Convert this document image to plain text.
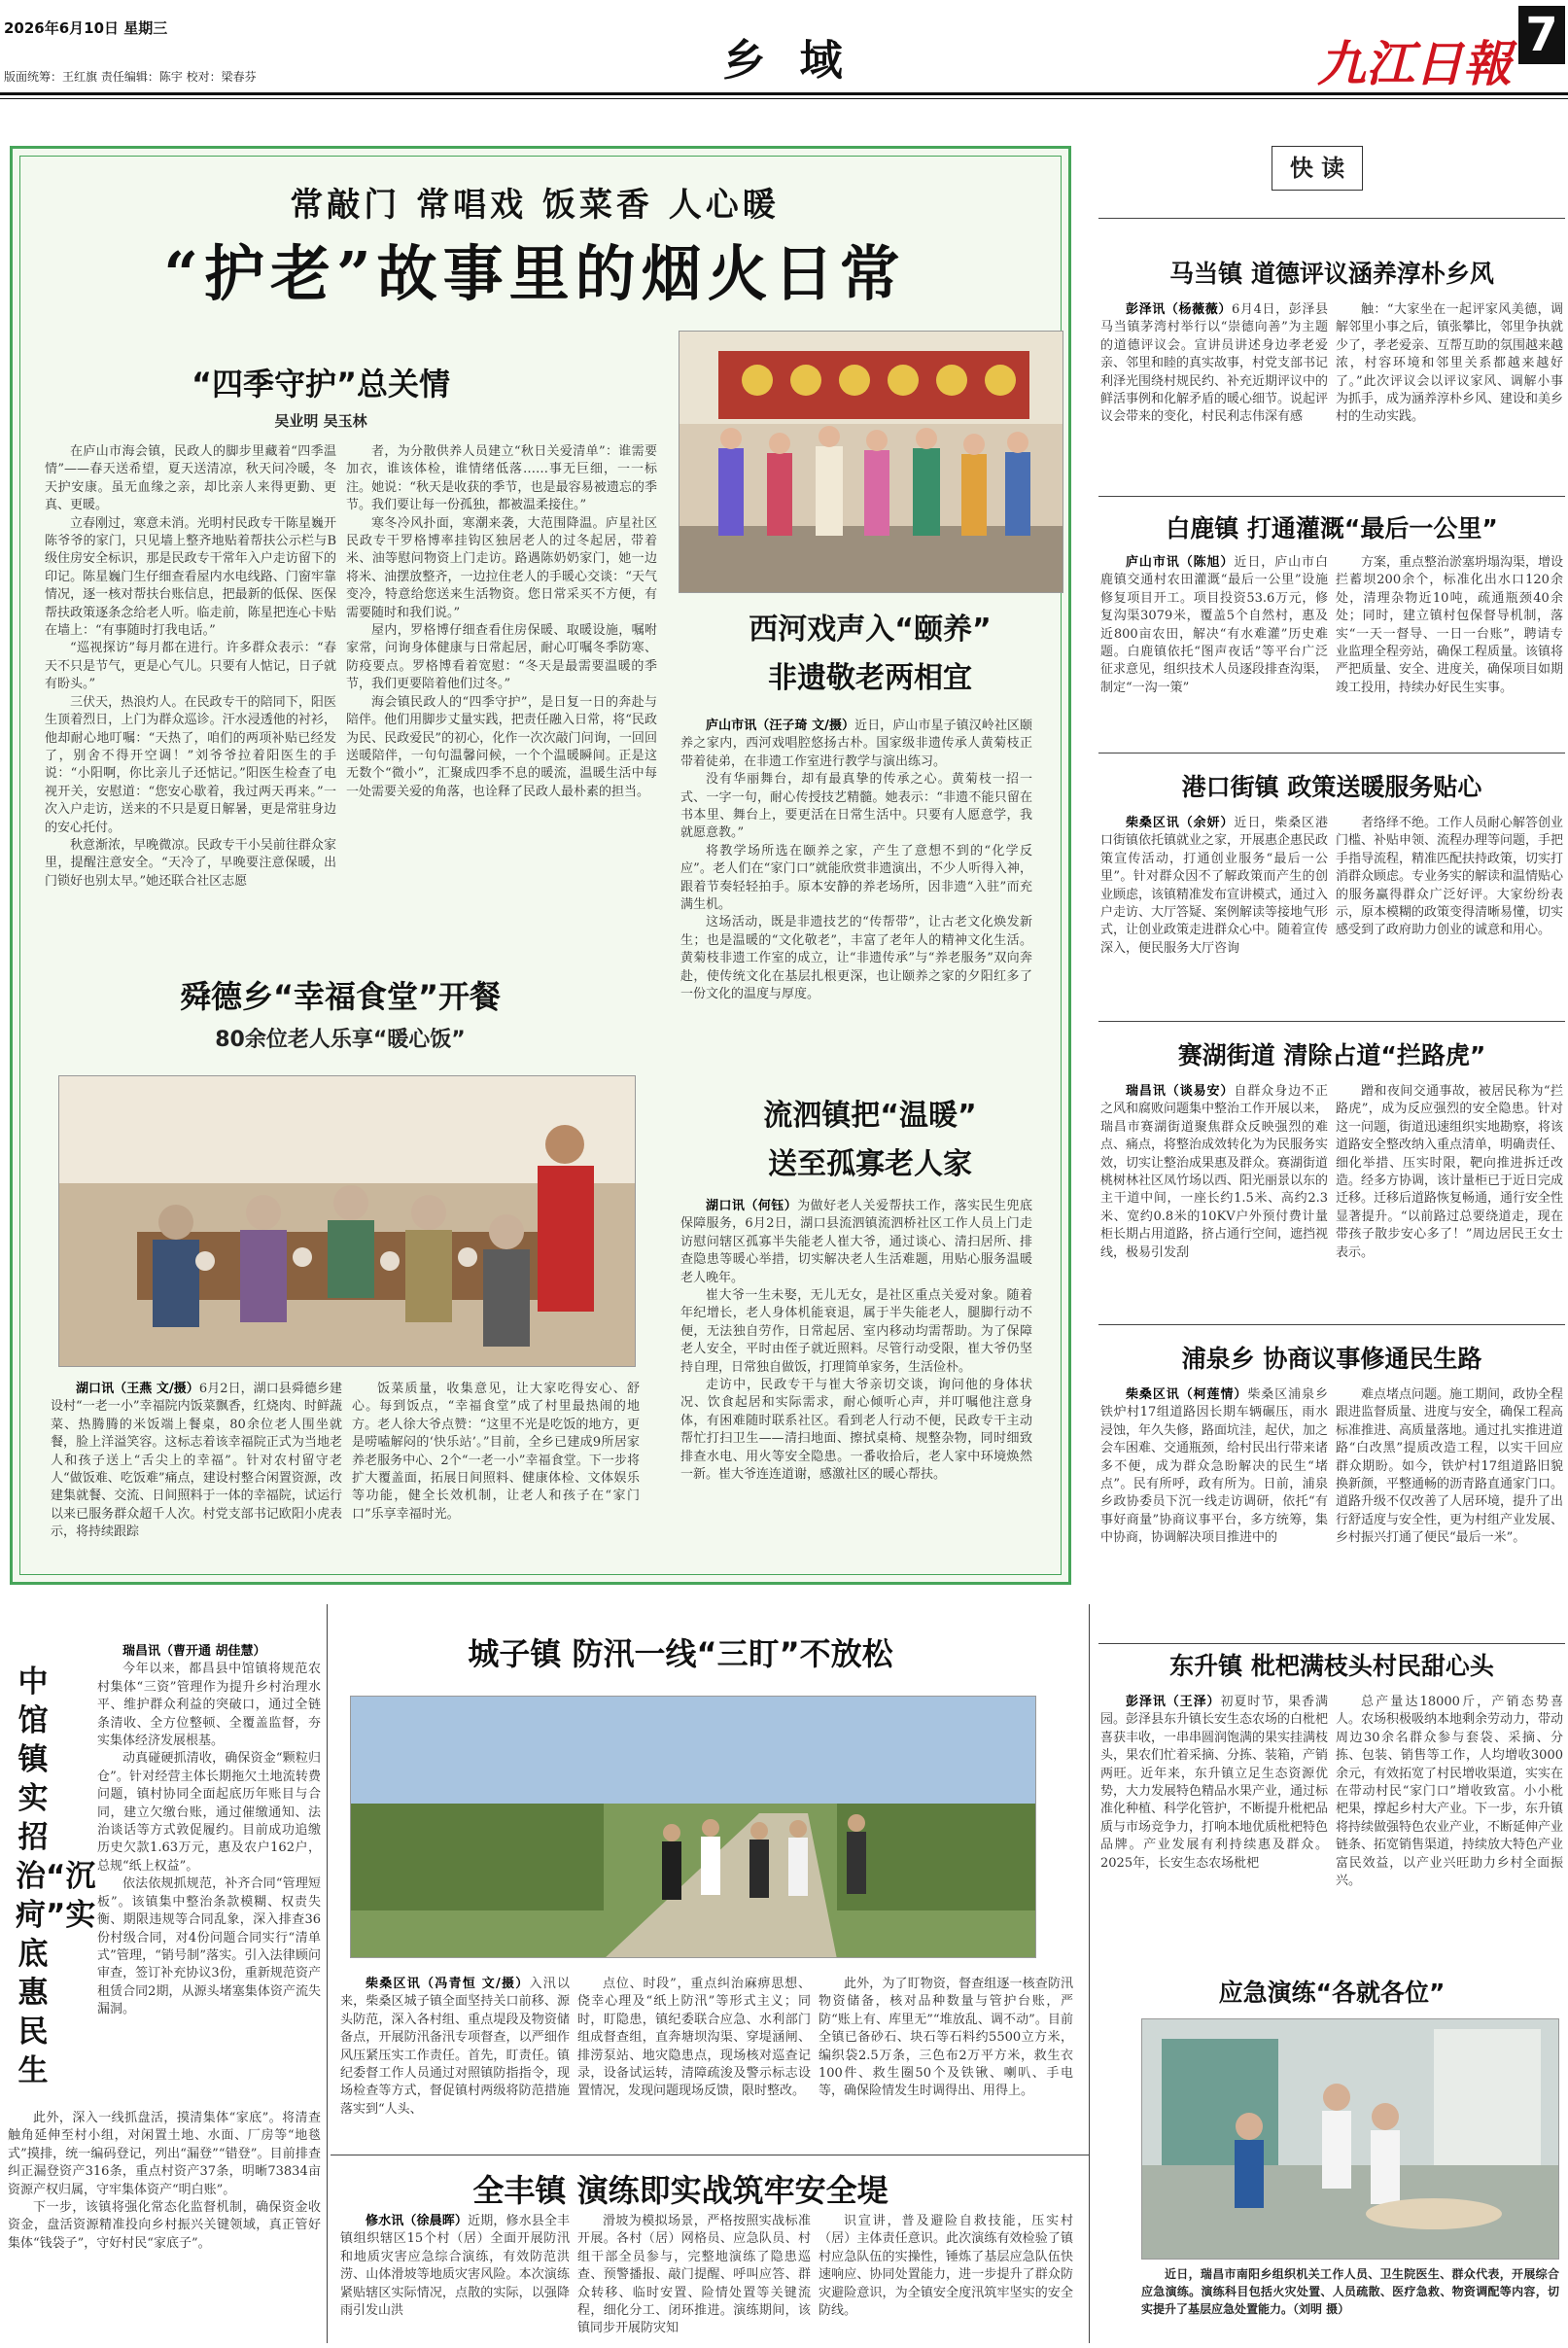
2026年6月10日 星期三
版面统筹：王红旗 责任编辑：陈宇 校对：梁春芬	乡 域	九江日報 7
常敲门 常唱戏 饭菜香 人心暖
“护老”故事里的烟火日常
“四季守护”总关情
吴业明 吴玉林

在庐山市海会镇，民政人的脚步里藏着“四季温情”——春天送希望，夏天送清凉，秋天问冷暖，冬天护安康。虽无血缘之亲，却比亲人来得更勤、更真、更暖。

立春刚过，寒意未消。光明村民政专干陈星巍开陈爷爷的家门，只见墙上整齐地贴着帮扶公示栏与B级住房安全标识，那是民政专干常年入户走访留下的印记。陈星巍门生仔细查看屋内水电线路、门窗牢靠情况，逐一核对帮扶台账信息，把最新的低保、医保帮扶政策逐条念给老人听。临走前，陈星把连心卡贴在墙上：“有事随时打我电话。”

“巡视探访”每月都在进行。许多群众表示：“春天不只是节气，更是心气儿。只要有人惦记，日子就有盼头。”

三伏天，热浪灼人。在民政专干的陪同下，阳医生顶着烈日，上门为群众巡诊。汗水浸透他的衬衫，他却耐心地叮嘱：“天热了，咱们的两项补贴已经发了，别舍不得开空调！”刘爷爷拉着阳医生的手说：“小阳啊，你比亲儿子还惦记。”阳医生检查了电视开关，安慰道：“您安心歇着，我过两天再来。”一次入户走访，送来的不只是夏日解暑，更是常驻身边的安心托付。

秋意渐浓，早晚微凉。民政专干小吴前往群众家里，提醒注意安全。“天冷了，早晚要注意保暖，出门锁好也别太早。”她还联合社区志愿

者，为分散供养人员建立“秋日关爱清单”：谁需要加衣，谁该体检，谁情绪低落……事无巨细，一一标注。她说：“秋天是收获的季节，也是最容易被遗忘的季节。我们要让每一份孤独，都被温柔接住。”

寒冬冷风扑面，寒潮来袭，大范围降温。庐星社区民政专干罗格博率挂钩区独居老人的过冬起居，带着米、油等慰问物资上门走访。路遇陈奶奶家门，她一边将米、油摆放整齐，一边拉住老人的手暖心交谈：“天气变冷，特意给您送来生活物资。您日常采买不方便，有需要随时和我们说。”

屋内，罗格博仔细查看住房保暖、取暖设施，嘱咐家常，问询身体健康与日常起居，耐心叮嘱冬季防寒、防疫要点。罗格博看着宽慰：“冬天是最需要温暖的季节，我们更要陪着他们过冬。”

海会镇民政人的“四季守护”，是日复一日的奔赴与陪伴。他们用脚步丈量实践，把责任融入日常，将“民政为民、民政爱民”的初心，化作一次次敲门问询，一回回送暖陪伴，一句句温馨问候，一个个温暖瞬间。正是这无数个“微小”，汇聚成四季不息的暖流，温暖生活中每一处需要关爱的角落，也诠释了民政人最朴素的担当。

西河戏声入“颐养”
非遗敬老两相宜

庐山市讯（汪子琦 文/摄）近日，庐山市星子镇汉岭社区颐养之家内，西河戏唱腔悠扬古朴。国家级非遗传承人黄菊枝正带着徒弟，在非遗工作室进行教学与演出练习。

没有华丽舞台，却有最真挚的传承之心。黄菊枝一招一式、一字一句，耐心传授技艺精髓。她表示：“非遗不能只留在书本里、舞台上，要更活在日常生活中。只要有人愿意学，我就愿意教。”

将教学场所选在颐养之家，产生了意想不到的“化学反应”。老人们在“家门口”就能欣赏非遗演出，不少人听得入神，跟着节奏轻轻拍手。原本安静的养老场所，因非遗“入驻”而充满生机。

这场活动，既是非遗技艺的“传帮带”，让古老文化焕发新生；也是温暖的“文化敬老”，丰富了老年人的精神文化生活。黄菊枝非遗工作室的成立，让“非遗传承”与“养老服务”双向奔赴，使传统文化在基层扎根更深，也让颐养之家的夕阳红多了一份文化的温度与厚度。

舜德乡“幸福食堂”开餐
80余位老人乐享“暖心饭”

湖口讯（王燕 文/摄）6月2日，湖口县舜德乡建设村“一老一小”幸福院内饭菜飘香，红烧肉、时鲜蔬菜、热腾腾的米饭端上餐桌，80余位老人围坐就餐，脸上洋溢笑容。这标志着该幸福院正式为当地老人和孩子送上“舌尖上的幸福”。针对农村留守老人“做饭难、吃饭难”痛点，建设村整合闲置资源，改建集就餐、交流、日间照料于一体的幸福院，试运行以来已服务群众超千人次。村党支部书记欧阳小虎表示，将持续跟踪

饭菜质量，收集意见，让大家吃得安心、舒心。每到饭点，“幸福食堂”成了村里最热闹的地方。老人徐大爷点赞：“这里不光是吃饭的地方，更是唠嗑解闷的‘快乐站’。”目前，全乡已建成9所居家养老服务中心、2个“一老一小”幸福食堂。下一步将扩大覆盖面，拓展日间照料、健康体检、文体娱乐等功能，健全长效机制，让老人和孩子在“家门口”乐享幸福时光。

流泗镇把“温暖”
送至孤寡老人家

湖口讯（何钰）为做好老人关爱帮扶工作，落实民生兜底保障服务，6月2日，湖口县流泗镇流泗桥社区工作人员上门走访慰问辖区孤寡半失能老人崔大爷，通过谈心、清扫居所、排查隐患等暖心举措，切实解决老人生活难题，用贴心服务温暖老人晚年。

崔大爷一生未娶，无儿无女，是社区重点关爱对象。随着年纪增长，老人身体机能衰退，属于半失能老人，腿脚行动不便，无法独自劳作，日常起居、室内移动均需帮助。为了保障老人安全，平时由侄子就近照料。尽管行动受限，崔大爷仍坚持自理，日常独自做饭，打理简单家务，生活俭朴。

走访中，民政专干与崔大爷亲切交谈，询问他的身体状况、饮食起居和实际需求，耐心倾听心声，并叮嘱他注意身体，有困难随时联系社区。看到老人行动不便，民政专干主动帮忙打扫卫生——清扫地面、擦拭桌椅、规整杂物，同时细致排查水电、用火等安全隐患。一番收拾后，老人家中环境焕然一新。崔大爷连连道谢，感激社区的暖心帮扶。

快 读
马当镇 道德评议涵养淳朴乡风

彭泽讯（杨薇薇）6月4日，彭泽县马当镇茅湾村举行以“崇德向善”为主题的道德评议会。宣讲员讲述身边孝老爱亲、邻里和睦的真实故事，村党支部书记利泽光围绕村规民约、补充近期评议中的鲜活事例和化解矛盾的暖心细节。说起评议会带来的变化，村民利志伟深有感

触：“大家坐在一起评家风美德，调解邻里小事之后，镇张攀比，邻里争执就少了，孝老爱亲、互帮互助的氛围越来越浓，村容环境和邻里关系都越来越好了。”此次评议会以评议家风、调解小事为抓手，成为涵养淳朴乡风、建设和美乡村的生动实践。

白鹿镇 打通灌溉“最后一公里”

庐山市讯（陈旭）近日，庐山市白鹿镇交通村农田灌溉“最后一公里”设施修复项目开工。项目投资53.6万元，修复沟渠3079米，覆盖5个自然村，惠及近800亩农田，解决“有水难灌”历史难题。白鹿镇依托“图声夜话”等平台广泛征求意见，组织技术人员逐段排查沟渠，制定“一沟一策”

方案，重点整治淤塞坍塌沟渠，增设拦蓄坝200余个，标准化出水口120余处，清理杂物近10吨，疏通瓶颈40余处；同时，建立镇村包保督导机制，落实“一天一督导、一日一台账”，聘请专业监理全程旁站，确保工程质量。该镇将严把质量、安全、进度关，确保项目如期竣工投用，持续办好民生实事。

港口街镇 政策送暖服务贴心

柴桑区讯（余妍）近日，柴桑区港口街镇依托镇就业之家，开展惠企惠民政策宣传活动，打通创业服务“最后一公里”。针对群众因不了解政策而产生的创业顾虑，该镇精准发布宣讲模式，通过入户走访、大厅答疑、案例解读等接地气形式，让创业政策走进群众心中。随着宣传深入，便民服务大厅咨询

者络绎不绝。工作人员耐心解答创业门槛、补贴申领、流程办理等问题，手把手指导流程，精准匹配扶持政策，切实打消群众顾虑。专业务实的解读和温情贴心的服务赢得群众广泛好评。大家纷纷表示，原本模糊的政策变得清晰易懂，切实感受到了政府助力创业的诚意和用心。

赛湖街道 清除占道“拦路虎”

瑞昌讯（谈易安）自群众身边不正之风和腐败问题集中整治工作开展以来，瑞昌市赛湖街道聚焦群众反映强烈的难点、痛点，将整治成效转化为为民服务实效，切实让整治成果惠及群众。赛湖街道桃树林社区凤竹场以西、阳光丽景以东的主干道中间，一座长约1.5米、高约2.3米、宽约0.8米的10KV户外预付费计量柜长期占用道路，挤占通行空间，遮挡视线，极易引发刮

蹭和夜间交通事故，被居民称为“拦路虎”，成为反应强烈的安全隐患。针对这一问题，街道迅速组织实地勘察，将该道路安全整改纳入重点清单，明确责任、细化举措、压实时限，靶向推进拆迁改造。经多方协调，该计量柜已于近日完成迁移。迁移后道路恢复畅通，通行安全性显著提升。“以前路过总要绕道走，现在带孩子散步安心多了！”周边居民王女士表示。

浦泉乡 协商议事修通民生路

柴桑区讯（柯莲情）柴桑区浦泉乡铁炉村17组道路因长期车辆碾压，雨水浸蚀，年久失修，路面坑洼，起伏，加之会车困难、交通瓶颈，给村民出行带来诸多不便，成为群众急盼解决的民生“堵点”。民有所呼，政有所为。日前，浦泉乡政协委员下沉一线走访调研，依托“有事好商量”协商议事平台，多方统筹，集中协商，协调解决项目推进中的

难点堵点问题。施工期间，政协全程跟进监督质量、进度与安全，确保工程高标准推进、高质量落地。通过扎实推进道路“白改黑”提质改造工程，以实干回应群众期盼。如今，铁炉村17组道路旧貌换新颜，平整通畅的沥青路直通家门口。道路升级不仅改善了人居环境，提升了出行舒适度与安全性，更为村组产业发展、乡村振兴打通了便民“最后一米”。

东升镇 枇杷满枝头村民甜心头

彭泽讯（王泽）初夏时节，果香满园。彭泽县东升镇长安生态农场的白枇杷喜获丰收，一串串圆润饱满的果实挂满枝头，果农们忙着采摘、分拣、装箱，产销两旺。近年来，东升镇立足生态资源优势，大力发展特色精品水果产业，通过标准化种植、科学化管护，不断提升枇杷品质与市场竞争力，打响本地优质枇杷特色品牌。产业发展有利持续惠及群众。2025年，长安生态农场枇杷

总产量达18000斤，产销态势喜人。农场积极吸纳本地剩余劳动力，带动周边30余名群众参与套袋、采摘、分拣、包装、销售等工作，人均增收3000余元，有效拓宽了村民增收渠道，实实在在带动村民“家门口”增收致富。小小枇杷果，撑起乡村大产业。下一步，东升镇将持续做强特色农业产业，不断延伸产业链条、拓宽销售渠道，持续放大特色产业富民效益，以产业兴旺助力乡村全面振兴。

应急演练“各就各位”

近日，瑞昌市南阳乡组织机关工作人员、卫生院医生、群众代表，开展综合应急演练。演练科目包括火灾处置、人员疏散、医疗急救、物资调配等内容，切实提升了基层应急处置能力。（刘明 摄）

中馆镇实招治“沉疴”实底惠民生

瑞昌讯（曹开通 胡佳慧）

今年以来，都昌县中馆镇将规范农村集体“三资”管理作为提升乡村治理水平、维护群众利益的突破口，通过全链条清收、全方位整顿、全覆盖监督，夯实集体经济发展根基。

动真碰硬抓清收，确保资金“颗粒归仓”。针对经营主体长期拖欠土地流转费问题，镇村协同全面起底历年账目与合同，建立欠缴台账，通过催缴通知、法治谈话等方式敦促履约。目前成功追缴历史欠款1.63万元，惠及农户162户，总规“纸上权益”。

依法依规抓规范，补齐合同“管理短板”。该镇集中整治条款模糊、权责失衡、期限违规等合同乱象，深入排查36份村级合同，对4份问题合同实行“清单式”管理，“销号制”落实。引入法律顾问审查，签订补充协议3份，重新规范资产租赁合同2期，从源头堵塞集体资产流失漏洞。

此外，深入一线抓盘活，摸清集体“家底”。将清查触角延伸至村小组，对闲置土地、水面、厂房等“地毯式”摸排，统一编码登记，列出“漏登”“错登”。目前排查纠正漏登资产316条，重点村资产37条，明晰73834亩资源产权归属，守牢集体资产“明白账”。

下一步，该镇将强化常态化监督机制，确保资金收资金，盘活资源精准投向乡村振兴关键领域，真正管好集体“钱袋子”，守好村民“家底子”。

城子镇 防汛一线“三盯”不放松

柴桑区讯（冯青恒 文/摄）入汛以来，柴桑区城子镇全面坚持关口前移、源头防范，深入各村组、重点堤段及物资储备点，开展防汛备汛专项督查，以严细作风压紧压实工作责任。首先，盯责任。镇纪委督工作人员通过对照镇防指指令，现场检查等方式，督促镇村两级将防范措施落实到“人头、

点位、时段”，重点纠治麻痹思想、侥幸心理及“纸上防汛”等形式主义；同时，盯隐患，镇纪委联合应急、水利部门组成督查组，直奔塘坝沟渠、穿堤涵闸、排涝泵站、地灾隐患点，现场核对巡查记录，设备试运转，清障疏浚及警示标志设置情况，发现问题现场反馈，限时整改。

此外，为了盯物资，督查组逐一核查防汛物资储备，核对品种数量与管护台账，严防“账上有、库里无”“堆放乱、调不动”。目前全镇已备砂石、块石等石料约5500立方米，编织袋2.5万条，三色布2万平方米，救生衣100件、救生圈50个及铁锹、喇叭、手电等，确保险情发生时调得出、用得上。

全丰镇 演练即实战筑牢安全堤

修水讯（徐晨晖）近期，修水县全丰镇组织辖区15个村（居）全面开展防汛和地质灾害应急综合演练，有效防范洪涝、山体滑坡等地质灾害风险。本次演练紧贴辖区实际情况，点散的实际，以强降雨引发山洪

滑坡为模拟场景，严格按照实战标准开展。各村（居）网格员、应急队员、村组干部全员参与，完整地演练了隐患巡查、预警播报、敲门提醒、呼叫应答、群众转移、临时安置、险情处置等关键流程，细化分工、闭环推进。演练期间，该镇同步开展防灾知

识宣讲，普及避险自救技能，压实村（居）主体责任意识。此次演练有效检验了镇村应急队伍的实操性，锤炼了基层应急队伍快速响应、协同处置能力，进一步提升了群众防灾避险意识，为全镇安全度汛筑牢坚实的安全防线。
